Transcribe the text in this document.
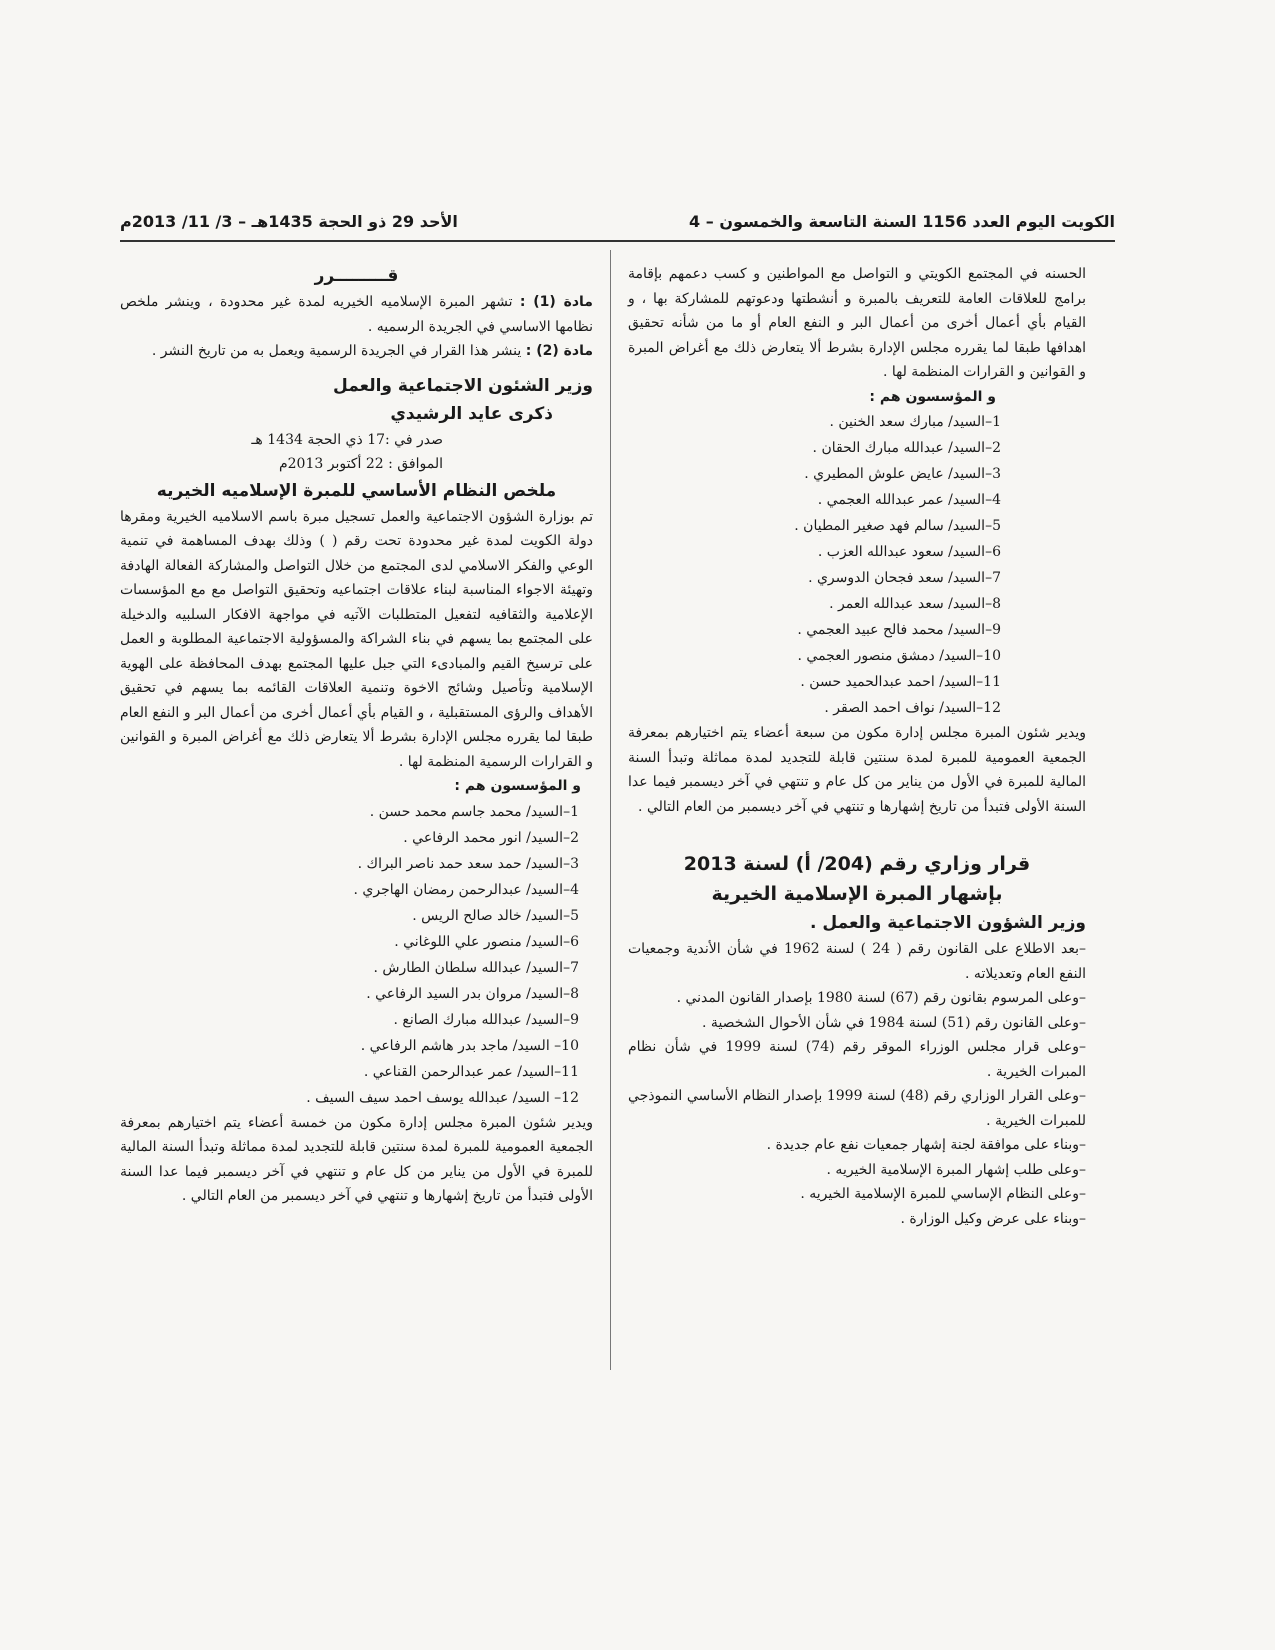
الكويت اليوم العدد 1156 السنة التاسعة والخمسون – 4
الأحد 29 ذو الحجة 1435هـ – 3/ 11/ 2013م

الحسنه في المجتمع الكويتي و التواصل مع المواطنين و كسب دعمهم بإقامة برامج للعلاقات العامة للتعريف بالمبرة و أنشطتها ودعوتهم للمشاركة بها ، و القيام بأي أعمال أخرى من أعمال البر و النفع العام أو ما من شأنه تحقيق اهدافها طبقا لما يقرره مجلس الإدارة بشرط ألا يتعارض ذلك مع أغراض المبرة و القوانين و القرارات المنظمة لها .

و المؤسسون هم :
1–السيد/ مبارك سعد الخنين .
2–السيد/ عبدالله مبارك الحقان .
3–السيد/ عايض علوش المطيري .
4–السيد/ عمر عبدالله العجمي .
5–السيد/ سالم فهد صغير المطيان .
6–السيد/ سعود عبدالله العزب .
7–السيد/ سعد فجحان الدوسري .
8–السيد/ سعد عبدالله العمر .
9–السيد/ محمد فالح عبيد العجمي .
10–السيد/ دمشق منصور العجمي .
11–السيد/ احمد عبدالحميد حسن .
12–السيد/ نواف احمد الصقر .

ويدير شئون المبرة مجلس إدارة مكون من سبعة أعضاء يتم اختيارهم بمعرفة الجمعية العمومية للمبرة لمدة سنتين قابلة للتجديد لمدة مماثلة وتبدأ السنة المالية للمبرة في الأول من يناير من كل عام و تنتهي في آخر ديسمبر فيما عدا السنة الأولى فتبدأ من تاريخ إشهارها و تنتهي في آخر ديسمبر من العام التالي .

قرار وزاري رقم (204/ أ) لسنة 2013
بإشهار المبرة الإسلامية الخيرية
وزير الشؤون الاجتماعية والعمل .

–بعد الاطلاع على القانون رقم ( 24 ) لسنة 1962 في شأن الأندية وجمعيات النفع العام وتعديلاته .

–وعلى المرسوم بقانون رقم (67) لسنة 1980 بإصدار القانون المدني .

–وعلى القانون رقم (51) لسنة 1984 في شأن الأحوال الشخصية .

–وعلى قرار مجلس الوزراء الموقر رقم (74) لسنة 1999 في شأن نظام المبرات الخيرية .

–وعلى القرار الوزاري رقم (48) لسنة 1999 بإصدار النظام الأساسي النموذجي للمبرات الخيرية .

–وبناء على موافقة لجنة إشهار جمعيات نفع عام جديدة .

–وعلى طلب إشهار المبرة الإسلامية الخيريه .

–وعلى النظام الإساسي للمبرة الإسلامية الخيريه .

–وبناء على عرض وكيل الوزارة .

قـــــــــرر

مادة (1) : تشهر المبرة الإسلاميه الخيريه لمدة غير محدودة ، وينشر ملخص نظامها الاساسي في الجريدة الرسميه .

مادة (2) : ينشر هذا القرار في الجريدة الرسمية ويعمل به من تاريخ النشر .

وزير الشئون الاجتماعية والعمل
ذكرى عايد الرشيدي
صدر في :17 ذي الحجة 1434 هـ
الموافق : 22 أكتوبر 2013م
ملخص النظام الأساسي للمبرة الإسلاميه الخيريه

تم بوزارة الشؤون الاجتماعية والعمل تسجيل مبرة باسم الاسلاميه الخيرية ومقرها دولة الكويت لمدة غير محدودة تحت رقم ( ) وذلك بهدف المساهمة في تنمية الوعي والفكر الاسلامي لدى المجتمع من خلال التواصل والمشاركة الفعالة الهادفة وتهيئة الاجواء المناسبة لبناء علاقات اجتماعيه وتحقيق التواصل مع مع المؤسسات الإعلامية والثقافيه لتفعيل المتطلبات الآتيه في مواجهة الافكار السلبيه والدخيلة على المجتمع بما يسهم في بناء الشراكة والمسؤولية الاجتماعية المطلوبة و العمل على ترسيخ القيم والمبادىء التي جبل عليها المجتمع بهدف المحافظة على الهوية الإسلامية وتأصيل وشائج الاخوة وتنمية العلاقات القائمه بما يسهم في تحقيق الأهداف والرؤى المستقبلية ، و القيام بأي أعمال أخرى من أعمال البر و النفع العام طبقا لما يقرره مجلس الإدارة بشرط ألا يتعارض ذلك مع أغراض المبرة و القوانين و القرارات الرسمية المنظمة لها .

و المؤسسون هم :
1–السيد/ محمد جاسم محمد حسن .
2–السيد/ انور محمد الرفاعي .
3–السيد/ حمد سعد حمد ناصر البراك .
4–السيد/ عبدالرحمن رمضان الهاجري .
5–السيد/ خالد صالح الريس .
6–السيد/ منصور علي اللوغاني .
7–السيد/ عبدالله سلطان الطارش .
8–السيد/ مروان بدر السيد الرفاعي .
9–السيد/ عبدالله مبارك الصانع .
10– السيد/ ماجد بدر هاشم الرفاعي .
11–السيد/ عمر عبدالرحمن القناعي .
12– السيد/ عبدالله يوسف احمد سيف السيف .

ويدير شئون المبرة مجلس إدارة مكون من خمسة أعضاء يتم اختيارهم بمعرفة الجمعية العمومية للمبرة لمدة سنتين قابلة للتجديد لمدة مماثلة وتبدأ السنة المالية للمبرة في الأول من يناير من كل عام و تنتهي في آخر ديسمبر فيما عدا السنة الأولى فتبدأ من تاريخ إشهارها و تنتهي في آخر ديسمبر من العام التالي .
